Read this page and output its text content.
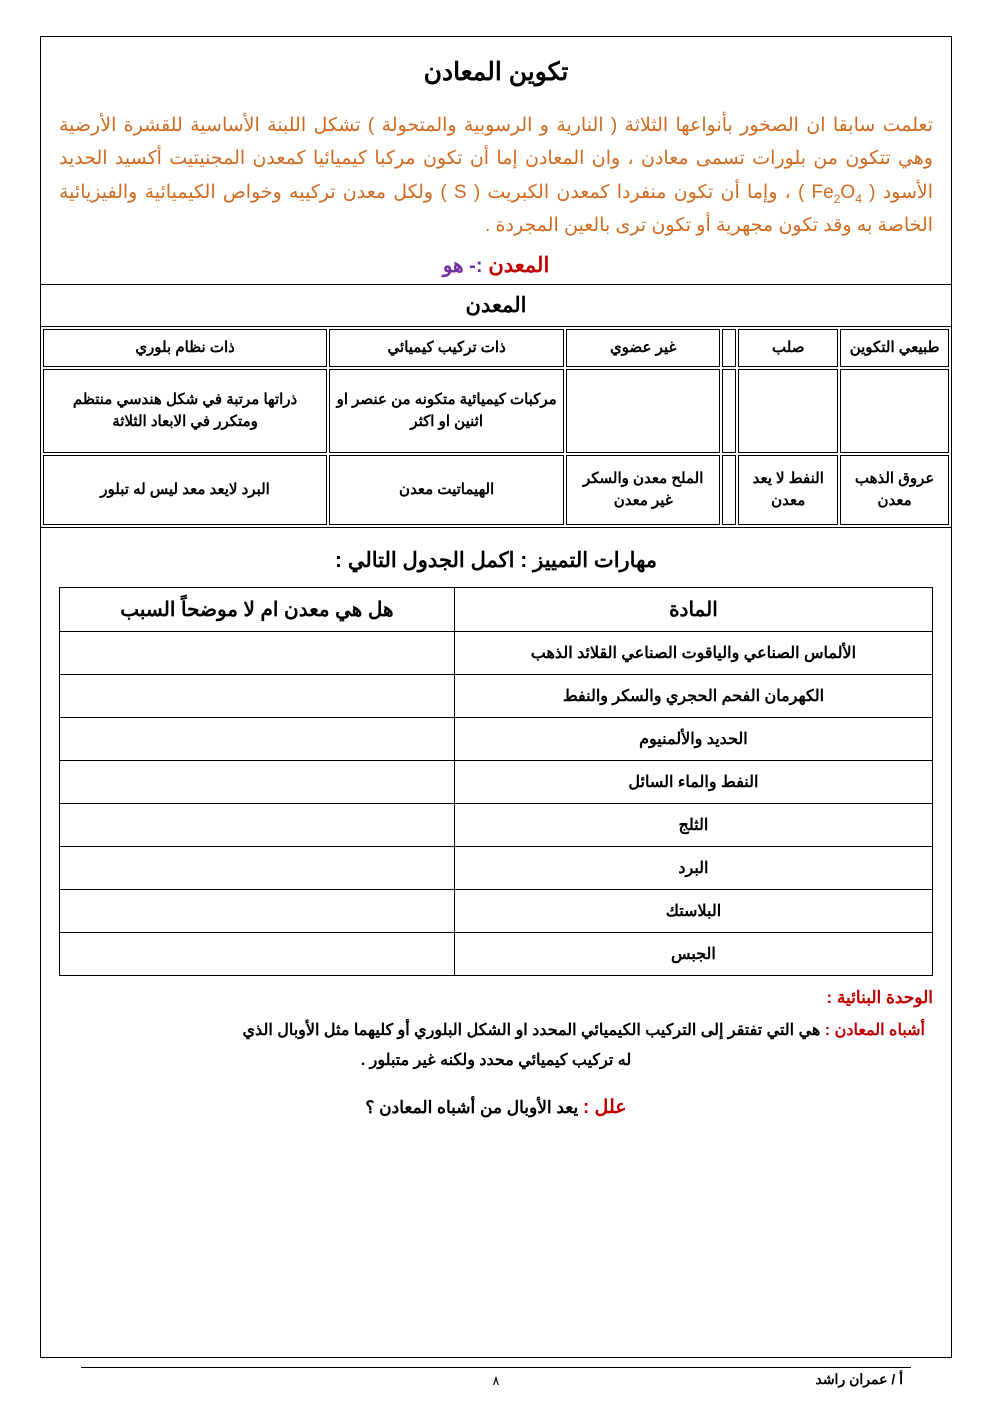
تكوين المعادن
تعلمت سابقا ان الصخور بأنواعها الثلاثة ( النارية و الرسوبية والمتحولة ) تشكل اللبنة الأساسية للقشرة الأرضية وهي تتكون من بلورات تسمى معادن ، وان المعادن إما أن تكون مركبا كيميائيا كمعدن المجنيتيت أكسيد الحديد الأسود ( $Fe_2O_4$ ) ، وإما أن تكون منفردا كمعدن الكبريت ( S ) ولكل معدن تركييه وخواص الكيميائية والفيزيائية الخاصة به وقد تكون مجهرية أو تكون ترى بالعين المجردة .
المعدن :- هو
المعدن
طبيعي التكوين	صلب		غير عضوي	ذات تركيب كيميائي	ذات نظام بلوري
				مركبات كيميائية متكونه من عنصر او اثنين او اكثر	ذراتها مرتبة في شكل هندسي منتظم ومتكرر في الابعاد الثلاثة
عروق الذهب معدن	النفط لا يعد معدن		الملح معدن والسكر غير معدن	الهيماتيت معدن	البرد لايعد معد ليس له تبلور
مهارات التمييز : اكمل الجدول التالي :
المادة	هل هي معدن ام لا موضحاً السبب
الألماس الصناعي والياقوت الصناعي القلائد الذهب	
الكهرمان الفحم الحجري والسكر والنفط	
الحديد والألمنيوم	
النفط والماء السائل	
الثلج	
البرد	
البلاستك	
الجبس	
الوحدة البنائية :
أشباه المعادن : هي التي تفتقر إلى التركيب الكيميائي المحدد او الشكل البلوري أو كليهما مثل الأوبال الذي
له تركيب كيميائي محدد ولكنه غير متبلور .
علل : يعد الأوبال من أشباه المعادن ؟
أ / عمران راشد
٨
